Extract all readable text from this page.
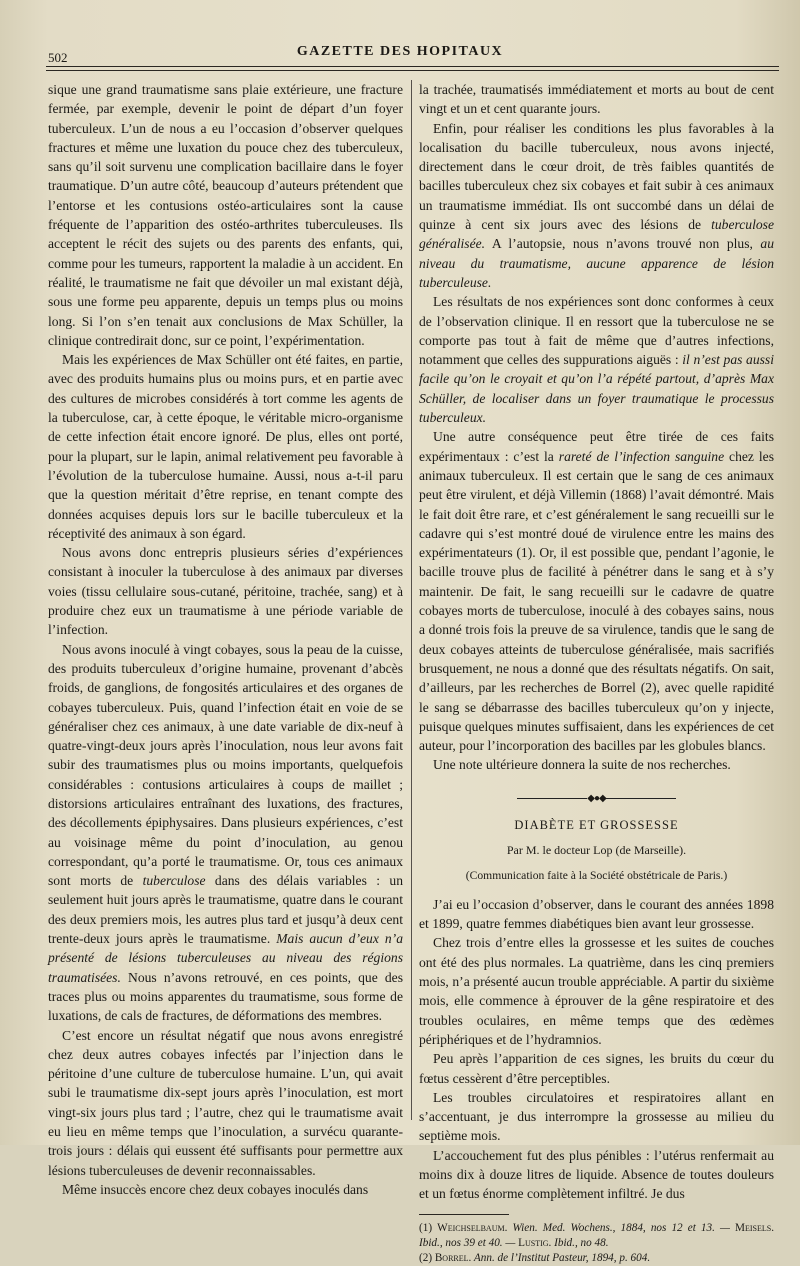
502	GAZETTE DES HOPITAUX

sique une grand traumatisme sans plaie extérieure, une fracture fermée, par exemple, devenir le point de départ d’un foyer tuberculeux. L’un de nous a eu l’occasion d’observer quelques fractures et même une luxation du pouce chez des tuberculeux, sans qu’il soit survenu une complication bacillaire dans le foyer traumatique. D’un autre côté, beaucoup d’auteurs prétendent que l’entorse et les contusions ostéo-articulaires sont la cause fréquente de l’apparition des ostéo-arthrites tuberculeuses. Ils acceptent le récit des sujets ou des parents des enfants, qui, comme pour les tumeurs, rapportent la maladie à un accident. En réalité, le traumatisme ne fait que dévoiler un mal existant déjà, sous une forme peu apparente, depuis un temps plus ou moins long. Si l’on s’en tenait aux conclusions de Max Schüller, la clinique contredirait donc, sur ce point, l’expérimentation.

Mais les expériences de Max Schüller ont été faites, en partie, avec des produits humains plus ou moins purs, et en partie avec des cultures de microbes considérés à tort comme les agents de la tuberculose, car, à cette époque, le véritable micro-organisme de cette infection était encore ignoré. De plus, elles ont porté, pour la plupart, sur le lapin, animal relativement peu favorable à l’évolution de la tuberculose humaine. Aussi, nous a-t-il paru que la question méritait d’être reprise, en tenant compte des données acquises depuis lors sur le bacille tuberculeux et la réceptivité des animaux à son égard.

Nous avons donc entrepris plusieurs séries d’expériences consistant à inoculer la tuberculose à des animaux par diverses voies (tissu cellulaire sous-cutané, péritoine, trachée, sang) et à produire chez eux un traumatisme à une période variable de l’infection.

Nous avons inoculé à vingt cobayes, sous la peau de la cuisse, des produits tuberculeux d’origine humaine, provenant d’abcès froids, de ganglions, de fongosités articulaires et des organes de cobayes tuberculeux. Puis, quand l’infection était en voie de se généraliser chez ces animaux, à une date variable de dix-neuf à quatre-vingt-deux jours après l’inoculation, nous leur avons fait subir des traumatismes plus ou moins importants, quelquefois considérables : contusions articulaires à coups de maillet ; distorsions articulaires entraînant des luxations, des fractures, des décollements épiphysaires. Dans plusieurs expériences, c’est au voisinage même du point d’inoculation, au genou correspondant, qu’a porté le traumatisme. Or, tous ces animaux sont morts de tuberculose dans des délais variables : un seulement huit jours après le traumatisme, quatre dans le courant des deux premiers mois, les autres plus tard et jusqu’à deux cent trente-deux jours après le traumatisme. Mais aucun d’eux n’a présenté de lésions tuberculeuses au niveau des régions traumatisées. Nous n’avons retrouvé, en ces points, que des traces plus ou moins apparentes du traumatisme, sous forme de luxations, de cals de fractures, de déformations des membres.

C’est encore un résultat négatif que nous avons enregistré chez deux autres cobayes infectés par l’injection dans le péritoine d’une culture de tuberculose humaine. L’un, qui avait subi le traumatisme dix-sept jours après l’inoculation, est mort vingt-six jours plus tard ; l’autre, chez qui le traumatisme avait eu lieu en même temps que l’inoculation, a survécu quarante-trois jours : délais qui eussent été suffisants pour permettre aux lésions tuberculeuses de devenir reconnaissables.

Même insuccès encore chez deux cobayes inoculés dans

la trachée, traumatisés immédiatement et morts au bout de cent vingt et un et cent quarante jours.

Enfin, pour réaliser les conditions les plus favorables à la localisation du bacille tuberculeux, nous avons injecté, directement dans le cœur droit, de très faibles quantités de bacilles tuberculeux chez six cobayes et fait subir à ces animaux un traumatisme immédiat. Ils ont succombé dans un délai de quinze à cent six jours avec des lésions de tuberculose généralisée. A l’autopsie, nous n’avons trouvé non plus, au niveau du traumatisme, aucune apparence de lésion tuberculeuse.

Les résultats de nos expériences sont donc conformes à ceux de l’observation clinique. Il en ressort que la tuberculose ne se comporte pas tout à fait de même que d’autres infections, notamment que celles des suppurations aiguës : il n’est pas aussi facile qu’on le croyait et qu’on l’a répété partout, d’après Max Schüller, de localiser dans un foyer traumatique le processus tuberculeux.

Une autre conséquence peut être tirée de ces faits expérimentaux : c’est la rareté de l’infection sanguine chez les animaux tuberculeux. Il est certain que le sang de ces animaux peut être virulent, et déjà Villemin (1868) l’avait démontré. Mais le fait doit être rare, et c’est généralement le sang recueilli sur le cadavre qui s’est montré doué de virulence entre les mains des expérimentateurs (1). Or, il est possible que, pendant l’agonie, le bacille trouve plus de facilité à pénétrer dans le sang et à s’y maintenir. De fait, le sang recueilli sur le cadavre de quatre cobayes morts de tuberculose, inoculé à des cobayes sains, nous a donné trois fois la preuve de sa virulence, tandis que le sang de deux cobayes atteints de tuberculose généralisée, mais sacrifiés brusquement, ne nous a donné que des résultats négatifs. On sait, d’ailleurs, par les recherches de Borrel (2), avec quelle rapidité le sang se débarrasse des bacilles tuberculeux qu’on y injecte, puisque quelques minutes suffisaient, dans les expériences de cet auteur, pour l’incorporation des bacilles par les globules blancs.

Une note ultérieure donnera la suite de nos recherches.

◆●◆
DIABÈTE ET GROSSESSE
Par M. le docteur Lop (de Marseille).
(Communication faite à la Société obstétricale de Paris.)

J’ai eu l’occasion d’observer, dans le courant des années 1898 et 1899, quatre femmes diabétiques bien avant leur grossesse.

Chez trois d’entre elles la grossesse et les suites de couches ont été des plus normales. La quatrième, dans les cinq premiers mois, n’a présenté aucun trouble appréciable. A partir du sixième mois, elle commence à éprouver de la gêne respiratoire et des troubles oculaires, en même temps que des œdèmes périphériques et de l’hydramnios.

Peu après l’apparition de ces signes, les bruits du cœur du fœtus cessèrent d’être perceptibles.

Les troubles circulatoires et respiratoires allant en s’accentuant, je dus interrompre la grossesse au milieu du septième mois.

L’accouchement fut des plus pénibles : l’utérus renfermait au moins dix à douze litres de liquide. Absence de toutes douleurs et un fœtus énorme complètement infiltré. Je dus

(1) Weichselbaum. Wien. Med. Wochens., 1884, nos 12 et 13. — Meisels. Ibid., nos 39 et 40. — Lustig. Ibid., no 48.

(2) Borrel. Ann. de l’Institut Pasteur, 1894, p. 604.
